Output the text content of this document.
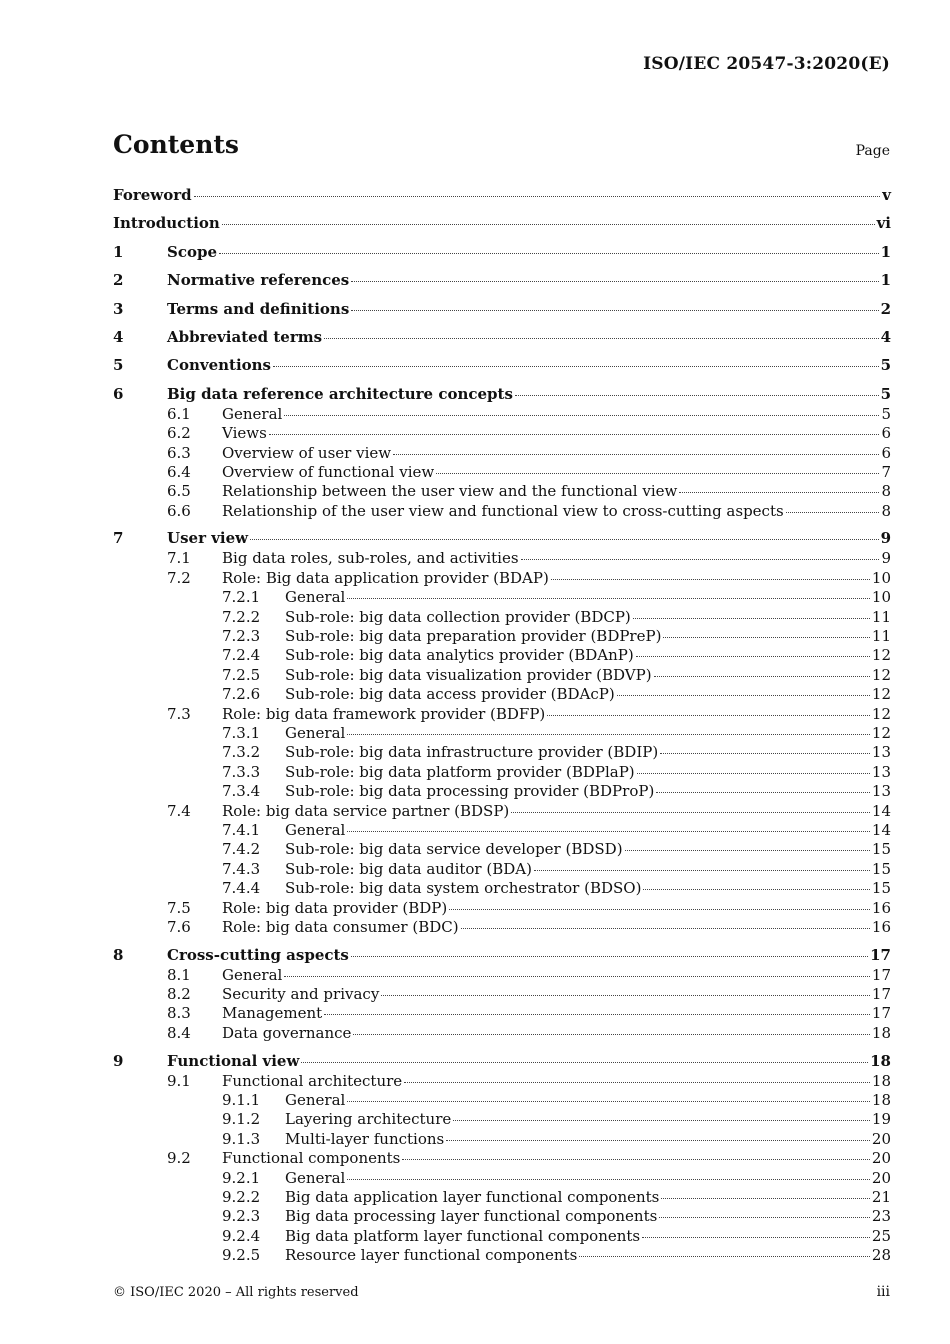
ISO/IEC 20547-3:2020(E)
Contents	Page
Foreword	v
Introduction	vi
1	Scope	1
2	Normative references	1
3	Terms and definitions	2
4	Abbreviated terms	4
5	Conventions	5
6	Big data reference architecture concepts	5
6.1	General	5
6.2	Views	6
6.3	Overview of user view	6
6.4	Overview of functional view	7
6.5	Relationship between the user view and the functional view	8
6.6	Relationship of the user view and functional view to cross-cutting aspects	8
7	User view	9
7.1	Big data roles, sub-roles, and activities	9
7.2	Role: Big data application provider (BDAP)	10
7.2.1	General	10
7.2.2	Sub-role: big data collection provider (BDCP)	11
7.2.3	Sub-role: big data preparation provider (BDPreP)	11
7.2.4	Sub-role: big data analytics provider (BDAnP)	12
7.2.5	Sub-role: big data visualization provider (BDVP)	12
7.2.6	Sub-role: big data access provider (BDAcP)	12
7.3	Role: big data framework provider (BDFP)	12
7.3.1	General	12
7.3.2	Sub-role: big data infrastructure provider (BDIP)	13
7.3.3	Sub-role: big data platform provider (BDPlaP)	13
7.3.4	Sub-role: big data processing provider (BDProP)	13
7.4	Role: big data service partner (BDSP)	14
7.4.1	General	14
7.4.2	Sub-role: big data service developer (BDSD)	15
7.4.3	Sub-role: big data auditor (BDA)	15
7.4.4	Sub-role: big data system orchestrator (BDSO)	15
7.5	Role: big data provider (BDP)	16
7.6	Role: big data consumer (BDC)	16
8	Cross-cutting aspects	17
8.1	General	17
8.2	Security and privacy	17
8.3	Management	17
8.4	Data governance	18
9	Functional view	18
9.1	Functional architecture	18
9.1.1	General	18
9.1.2	Layering architecture	19
9.1.3	Multi-layer functions	20
9.2	Functional components	20
9.2.1	General	20
9.2.2	Big data application layer functional components	21
9.2.3	Big data processing layer functional components	23
9.2.4	Big data platform layer functional components	25
9.2.5	Resource layer functional components	28
© ISO/IEC 2020 – All rights reserved	iii
